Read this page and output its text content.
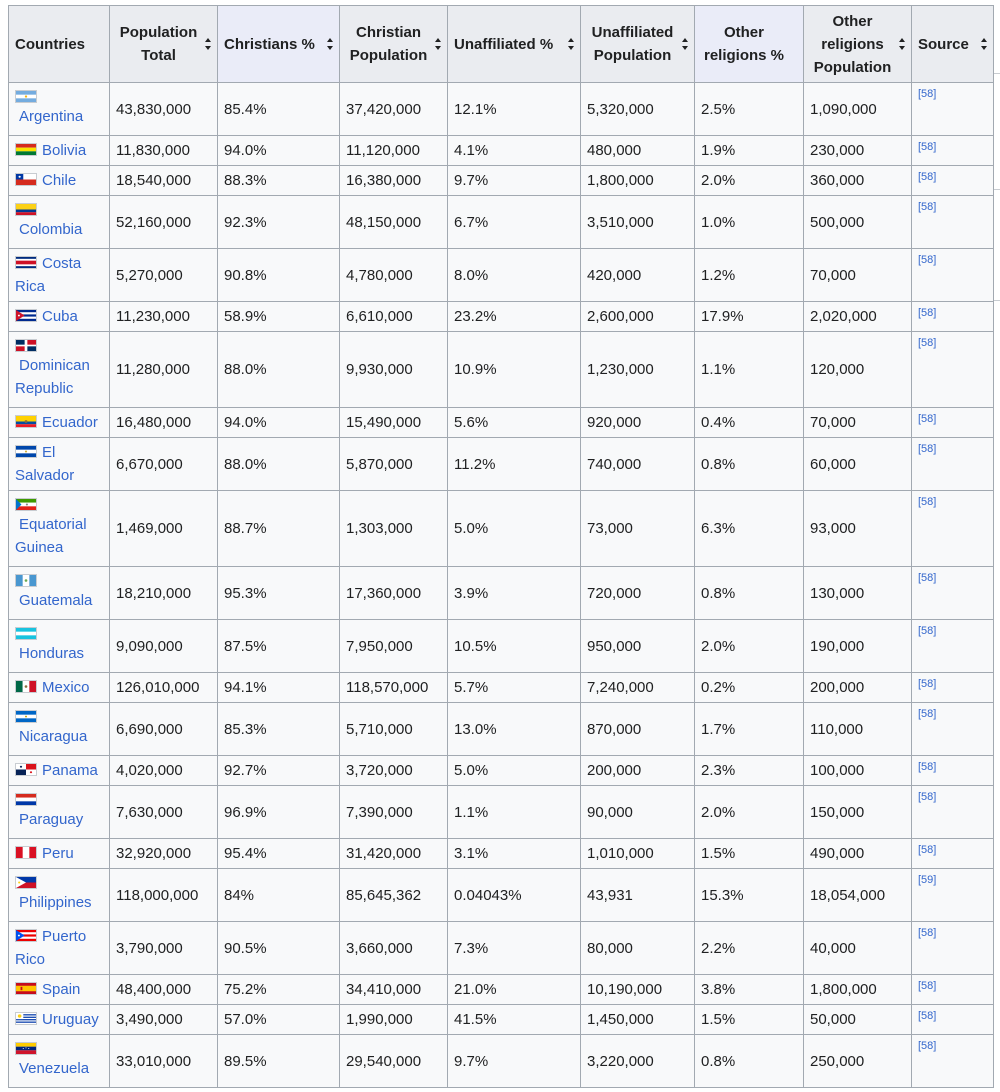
Countries	Population Total	Christians %	Christian Population	Unaffiliated %	Unaffiliated Population	Other religions %	Other religions Population	Source

Argentina	43,830,000	85.4%	37,420,000	12.1%	5,320,000	2.5%	1,090,000	[58]

Bolivia	11,830,000	94.0%	11,120,000	4.1%	480,000	1.9%	230,000	[58]

Chile	18,540,000	88.3%	16,380,000	9.7%	1,800,000	2.0%	360,000	[58]

Colombia	52,160,000	92.3%	48,150,000	6.7%	3,510,000	1.0%	500,000	[58]

Costa Rica	5,270,000	90.8%	4,780,000	8.0%	420,000	1.2%	70,000	[58]

Cuba	11,230,000	58.9%	6,610,000	23.2%	2,600,000	17.9%	2,020,000	[58]

Dominican Republic	11,280,000	88.0%	9,930,000	10.9%	1,230,000	1.1%	120,000	[58]

Ecuador	16,480,000	94.0%	15,490,000	5.6%	920,000	0.4%	70,000	[58]

El Salvador	6,670,000	88.0%	5,870,000	11.2%	740,000	0.8%	60,000	[58]

Equatorial Guinea	1,469,000	88.7%	1,303,000	5.0%	73,000	6.3%	93,000	[58]

Guatemala	18,210,000	95.3%	17,360,000	3.9%	720,000	0.8%	130,000	[58]

Honduras	9,090,000	87.5%	7,950,000	10.5%	950,000	2.0%	190,000	[58]

Mexico	126,010,000	94.1%	118,570,000	5.7%	7,240,000	0.2%	200,000	[58]

Nicaragua	6,690,000	85.3%	5,710,000	13.0%	870,000	1.7%	110,000	[58]

Panama	4,020,000	92.7%	3,720,000	5.0%	200,000	2.3%	100,000	[58]

Paraguay	7,630,000	96.9%	7,390,000	1.1%	90,000	2.0%	150,000	[58]

Peru	32,920,000	95.4%	31,420,000	3.1%	1,010,000	1.5%	490,000	[58]

Philippines	118,000,000	84%	85,645,362	0.04043%	43,931	15.3%	18,054,000	[59]

Puerto Rico	3,790,000	90.5%	3,660,000	7.3%	80,000	2.2%	40,000	[58]

Spain	48,400,000	75.2%	34,410,000	21.0%	10,190,000	3.8%	1,800,000	[58]

Uruguay	3,490,000	57.0%	1,990,000	41.5%	1,450,000	1.5%	50,000	[58]

Venezuela	33,010,000	89.5%	29,540,000	9.7%	3,220,000	0.8%	250,000	[58]
